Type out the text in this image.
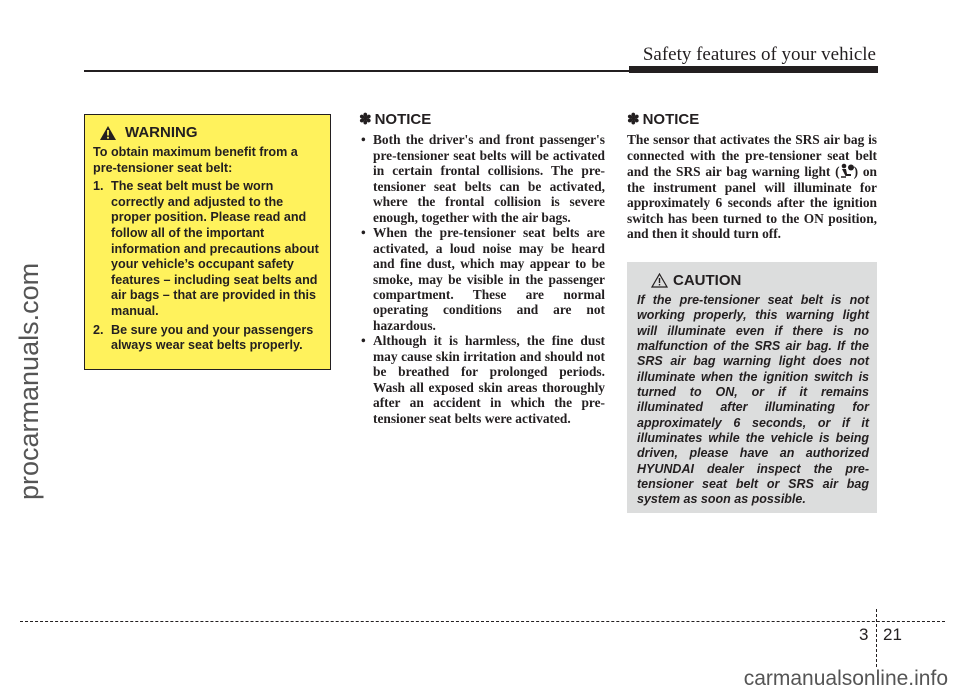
Safety features of your vehicle
procarmanuals.com
WARNING

To obtain maximum benefit from a pre-tensioner seat belt:

1. The seat belt must be worn correctly and adjusted to the proper position. Please read and follow all of the important information and precautions about your vehicle’s occupant safety features – including seat belts and air bags – that are provided in this manual.
2. Be sure you and your passengers always wear seat belts properly.
✽ NOTICE
• Both the driver's and front passenger's pre-tensioner seat belts will be activated in certain frontal collisions. The pre-tensioner seat belts can be activated, where the frontal collision is severe enough, together with the air bags.
• When the pre-tensioner seat belts are activated, a loud noise may be heard and fine dust, which may appear to be smoke, may be visible in the passenger compartment. These are normal operating conditions and are not hazardous.
• Although it is harmless, the fine dust may cause skin irritation and should not be breathed for prolonged periods. Wash all exposed skin areas thoroughly after an accident in which the pre-tensioner seat belts were activated.
✽ NOTICE

The sensor that activates the SRS air bag is connected with the pre-tensioner seat belt and the SRS air bag warning light ( ) on the instrument panel will illuminate for approximately 6 seconds after the ignition switch has been turned to the ON position, and then it should turn off.

CAUTION

If the pre-tensioner seat belt is not working properly, this warning light will illuminate even if there is no malfunction of the SRS air bag. If the SRS air bag warning light does not illuminate when the ignition switch is turned to ON, or if it remains illuminated after illuminating for approximately 6 seconds, or if it illuminates while the vehicle is being driven, please have an authorized HYUNDAI dealer inspect the pre-tensioner seat belt or SRS air bag system as soon as possible.

3 21
carmanualsonline.info
